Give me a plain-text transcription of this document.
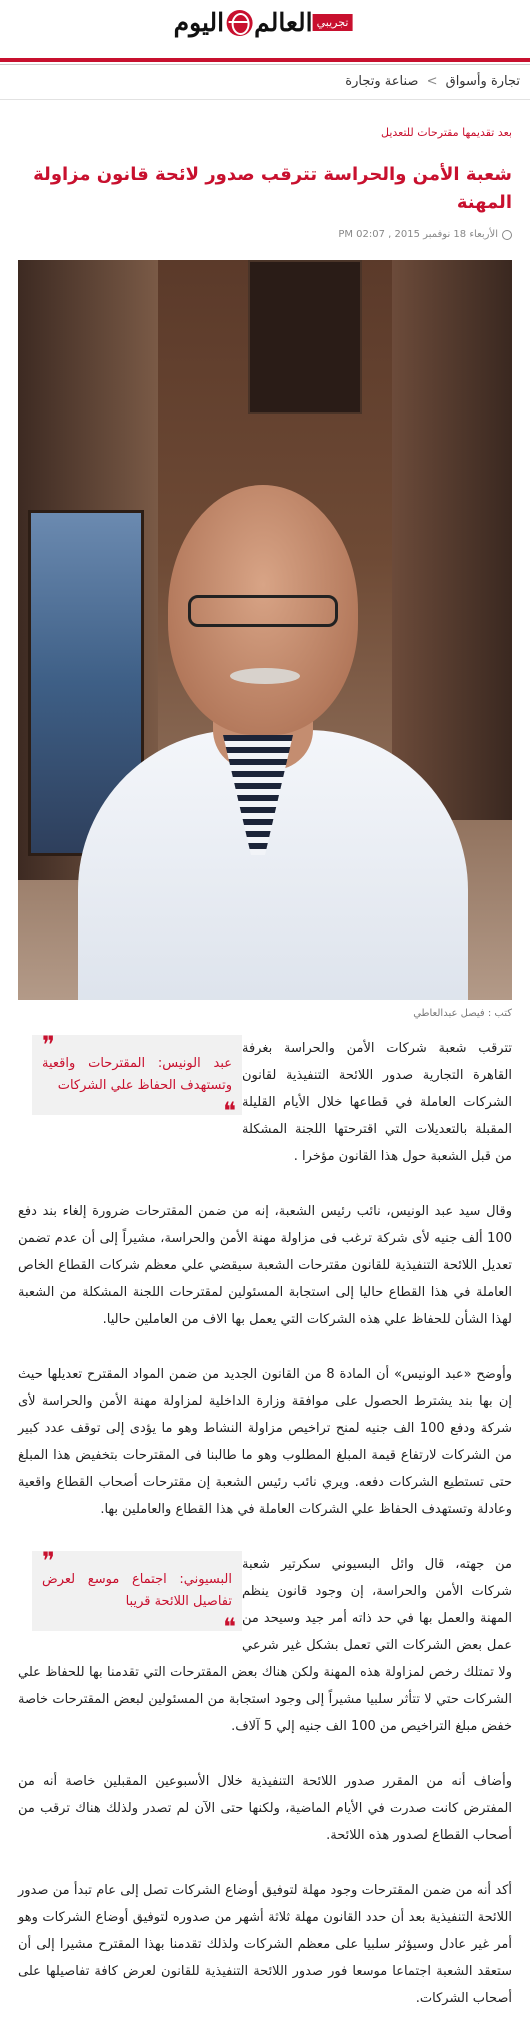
اليوم العالم تجريبي
تجارة وأسواق > صناعة وتجارة
بعد تقديمها مقترحات للتعديل
شعبة الأمن والحراسة تترقب صدور لائحة قانون مزاولة المهنة
الأربعاء 18 نوفمبر 2015 , 02:07 PM
كتب : فيصل عبدالعاطي
❞
عبد الونيس: المقترحات واقعية وتستهدف الحفاظ علي الشركات
❝

تترقب شعبة شركات الأمن والحراسة بغرفة القاهرة التجارية صدور اللائحة التنفيذية لقانون الشركات العاملة في قطاعها خلال الأيام القليلة المقبلة بالتعديلات التي اقترحتها اللجنة المشكلة من قبل الشعبة حول هذا القانون مؤخرا .

وقال سيد عبد الونيس، نائب رئيس الشعبة، إنه من ضمن المقترحات ضرورة إلغاء بند دفع 100 ألف جنيه لأى شركة ترغب فى مزاولة مهنة الأمن والحراسة، مشيراً إلى أن عدم تضمن تعديل اللائحة التنفيذية للقانون مقترحات الشعبة سيقضي علي معظم شركات القطاع الخاص العاملة في هذا القطاع حاليا إلى استجابة المسئولين لمقترحات اللجنة المشكلة من الشعبة لهذا الشأن للحفاظ علي هذه الشركات التي يعمل بها الاف من العاملين حاليا.

وأوضح «عبد الونيس» أن المادة 8 من القانون الجديد من ضمن المواد المقترح تعديلها حيث إن بها بند يشترط الحصول على موافقة وزارة الداخلية لمزاولة مهنة الأمن والحراسة لأى شركة ودفع 100 الف جنيه لمنح تراخيص مزاولة النشاط وهو ما يؤدى إلى توقف عدد كبير من الشركات لارتفاع قيمة المبلغ المطلوب وهو ما طالبنا فى المقترحات بتخفيض هذا المبلغ حتى تستطيع الشركات دفعه. ويري نائب رئيس الشعبة إن مقترحات أصحاب القطاع واقعية وعادلة وتستهدف الحفاظ علي الشركات العاملة في هذا القطاع والعاملين بها.

❞
البسيوني: اجتماع موسع لعرض تفاصيل اللائحة قريبا
❝

من جهته، قال وائل البسيوني سكرتير شعبة شركات الأمن والحراسة، إن وجود قانون ينظم المهنة والعمل بها في حد ذاته أمر جيد وسيحد من عمل بعض الشركات التي تعمل بشكل غير شرعي ولا تمتلك رخص لمزاولة هذه المهنة ولكن هناك بعض المقترحات التي تقدمنا بها للحفاظ علي الشركات حتي لا تتأثر سلبيا مشيراً إلى وجود استجابة من المسئولين لبعض المقترحات خاصة خفض مبلغ التراخيص من 100 الف جنيه إلي 5 آلاف.

وأضاف أنه من المقرر صدور اللائحة التنفيذية خلال الأسبوعين المقبلين خاصة أنه من المفترض كانت صدرت في الأيام الماضية، ولكنها حتى الآن لم تصدر ولذلك هناك ترقب من أصحاب القطاع لصدور هذه اللائحة.

أكد أنه من ضمن المقترحات وجود مهلة لتوفيق أوضاع الشركات تصل إلى عام تبدأ من صدور اللائحة التنفيذية بعد أن حدد القانون مهلة ثلاثة أشهر من صدوره لتوفيق أوضاع الشركات وهو أمر غير عادل وسيؤثر سلبيا على معظم الشركات ولذلك تقدمنا بهذا المقترح مشيرا إلى أن ستعقد الشعبة اجتماعا موسعا فور صدور اللائحة التنفيذية للقانون لعرض كافة تفاصيلها على أصحاب الشركات.
